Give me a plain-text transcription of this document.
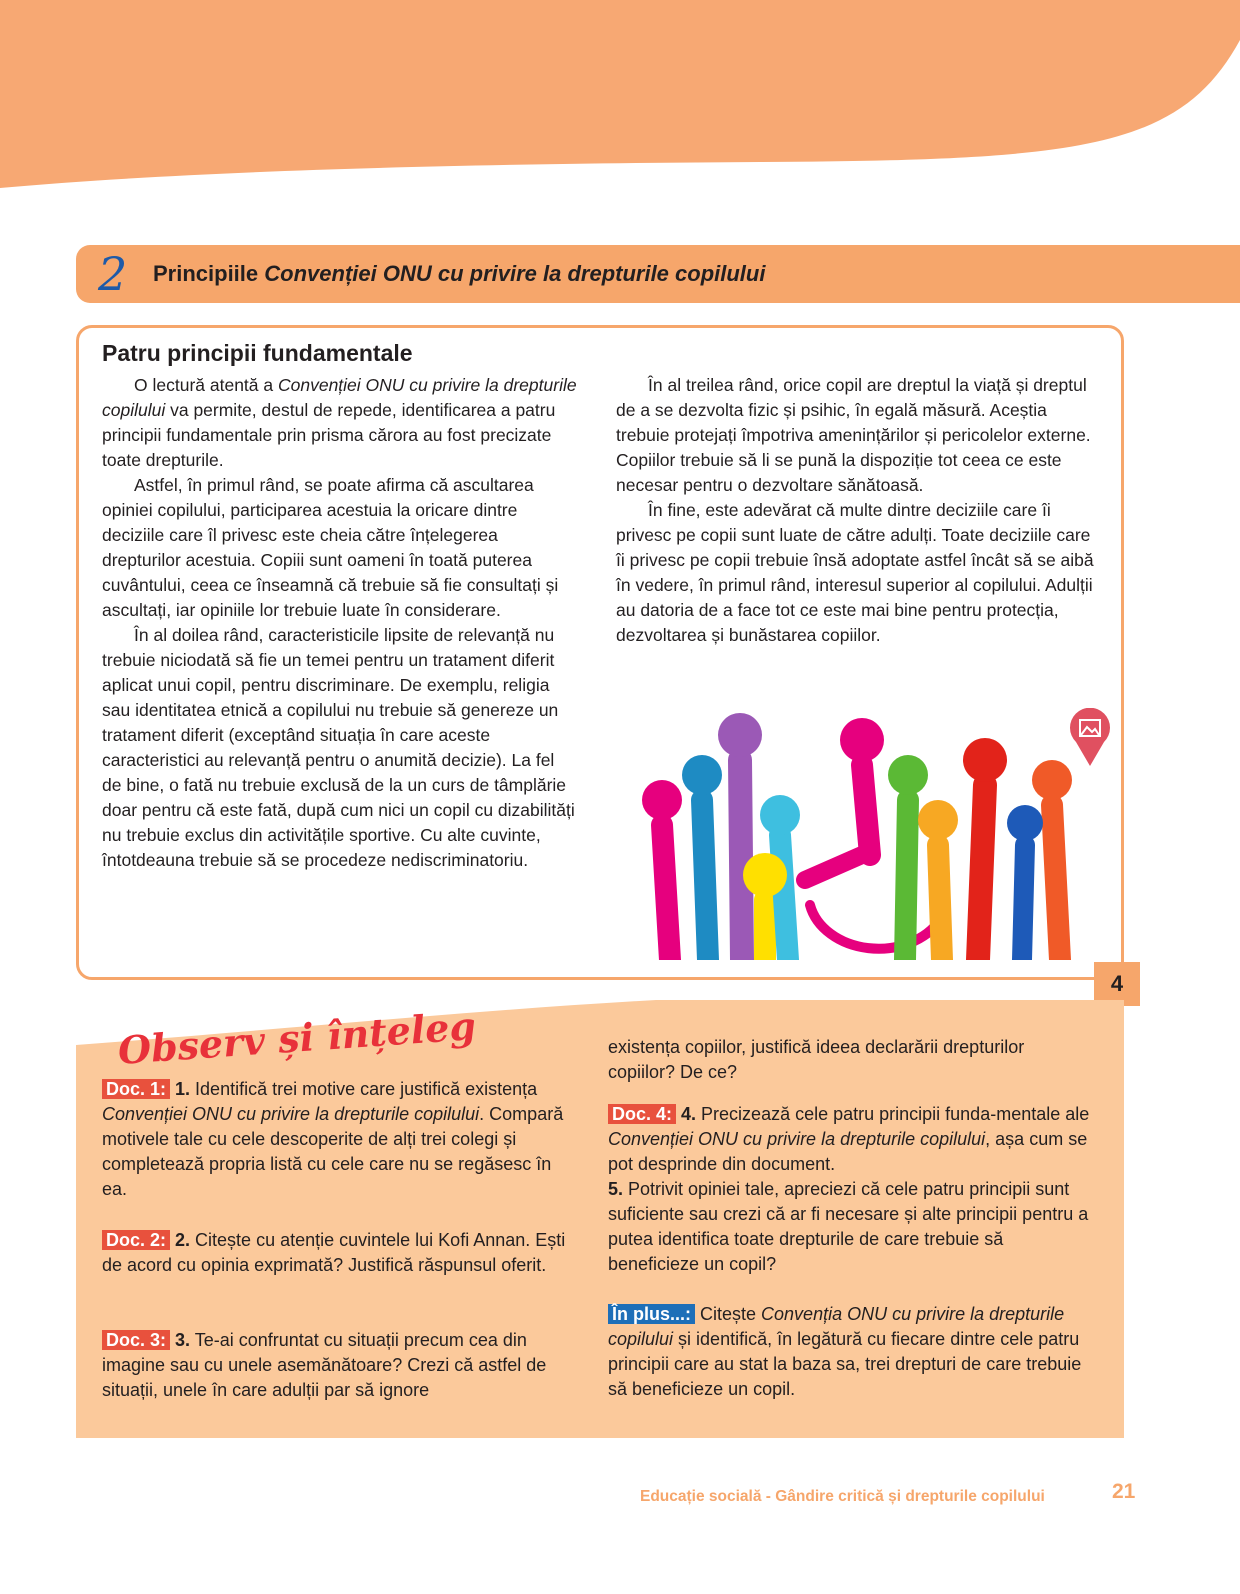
2 Principiile Convenției ONU cu privire la drepturile copilului
Patru principii fundamentale

O lectură atentă a Convenției ONU cu privire la drepturile copilului va permite, destul de repede, identificarea a patru principii fundamentale prin prisma cărora au fost precizate toate drepturile.

Astfel, în primul rând, se poate afirma că ascultarea opiniei copilului, participarea acestuia la oricare dintre deciziile care îl privesc este cheia către înțelegerea drepturilor acestuia. Copiii sunt oameni în toată puterea cuvântului, ceea ce înseamnă că trebuie să fie consultați și ascultați, iar opiniile lor trebuie luate în considerare.

În al doilea rând, caracteristicile lipsite de relevanță nu trebuie niciodată să fie un temei pentru un tratament diferit aplicat unui copil, pentru discriminare. De exemplu, religia sau identitatea etnică a copilului nu trebuie să genereze un tratament diferit (exceptând situația în care aceste caracteristici au relevanță pentru o anumită decizie). La fel de bine, o fată nu trebuie exclusă de la un curs de tâmplărie doar pentru că este fată, după cum nici un copil cu dizabilități nu trebuie exclus din activitățile sportive. Cu alte cuvinte, întotdeauna trebuie să se procedeze nediscriminatoriu.

În al treilea rând, orice copil are dreptul la viață și dreptul de a se dezvolta fizic și psihic, în egală măsură. Aceștia trebuie protejați împotriva amenințărilor și pericolelor externe. Copiilor trebuie să li se pună la dispoziție tot ceea ce este necesar pentru o dezvoltare sănătoasă.

În fine, este adevărat că multe dintre deciziile care îi privesc pe copii sunt luate de către adulți. Toate deciziile care îi privesc pe copii trebuie însă adoptate astfel încât să se aibă în vedere, în primul rând, interesul superior al copilului. Adulții au datoria de a face tot ce este mai bine pentru protecția, dezvoltarea și bunăstarea copiilor.

4
Observ și înțeleg

Doc. 1: 1. Identifică trei motive care justifică existența Convenției ONU cu privire la drepturile copilului. Compară motivele tale cu cele descoperite de alți trei colegi și completează propria listă cu cele care nu se regăsesc în ea.

Doc. 2: 2. Citește cu atenție cuvintele lui Kofi Annan. Ești de acord cu opinia exprimată? Justifică răspunsul oferit.

Doc. 3: 3. Te-ai confruntat cu situații precum cea din imagine sau cu unele asemănătoare? Crezi că astfel de situații, unele în care adulții par să ignore

existența copiilor, justifică ideea declarării drepturilor copiilor? De ce?

Doc. 4: 4. Precizează cele patru principii funda-mentale ale Convenției ONU cu privire la drepturile copilului, așa cum se pot desprinde din document.

5. Potrivit opiniei tale, apreciezi că cele patru principii sunt suficiente sau crezi că ar fi necesare și alte principii pentru a putea identifica toate drepturile de care trebuie să beneficieze un copil?

În plus...: Citește Convenția ONU cu privire la drepturile copilului și identifică, în legătură cu fiecare dintre cele patru principii care au stat la baza sa, trei drepturi de care trebuie să beneficieze un copil.

Educație socială - Gândire critică și drepturile copilului	21
